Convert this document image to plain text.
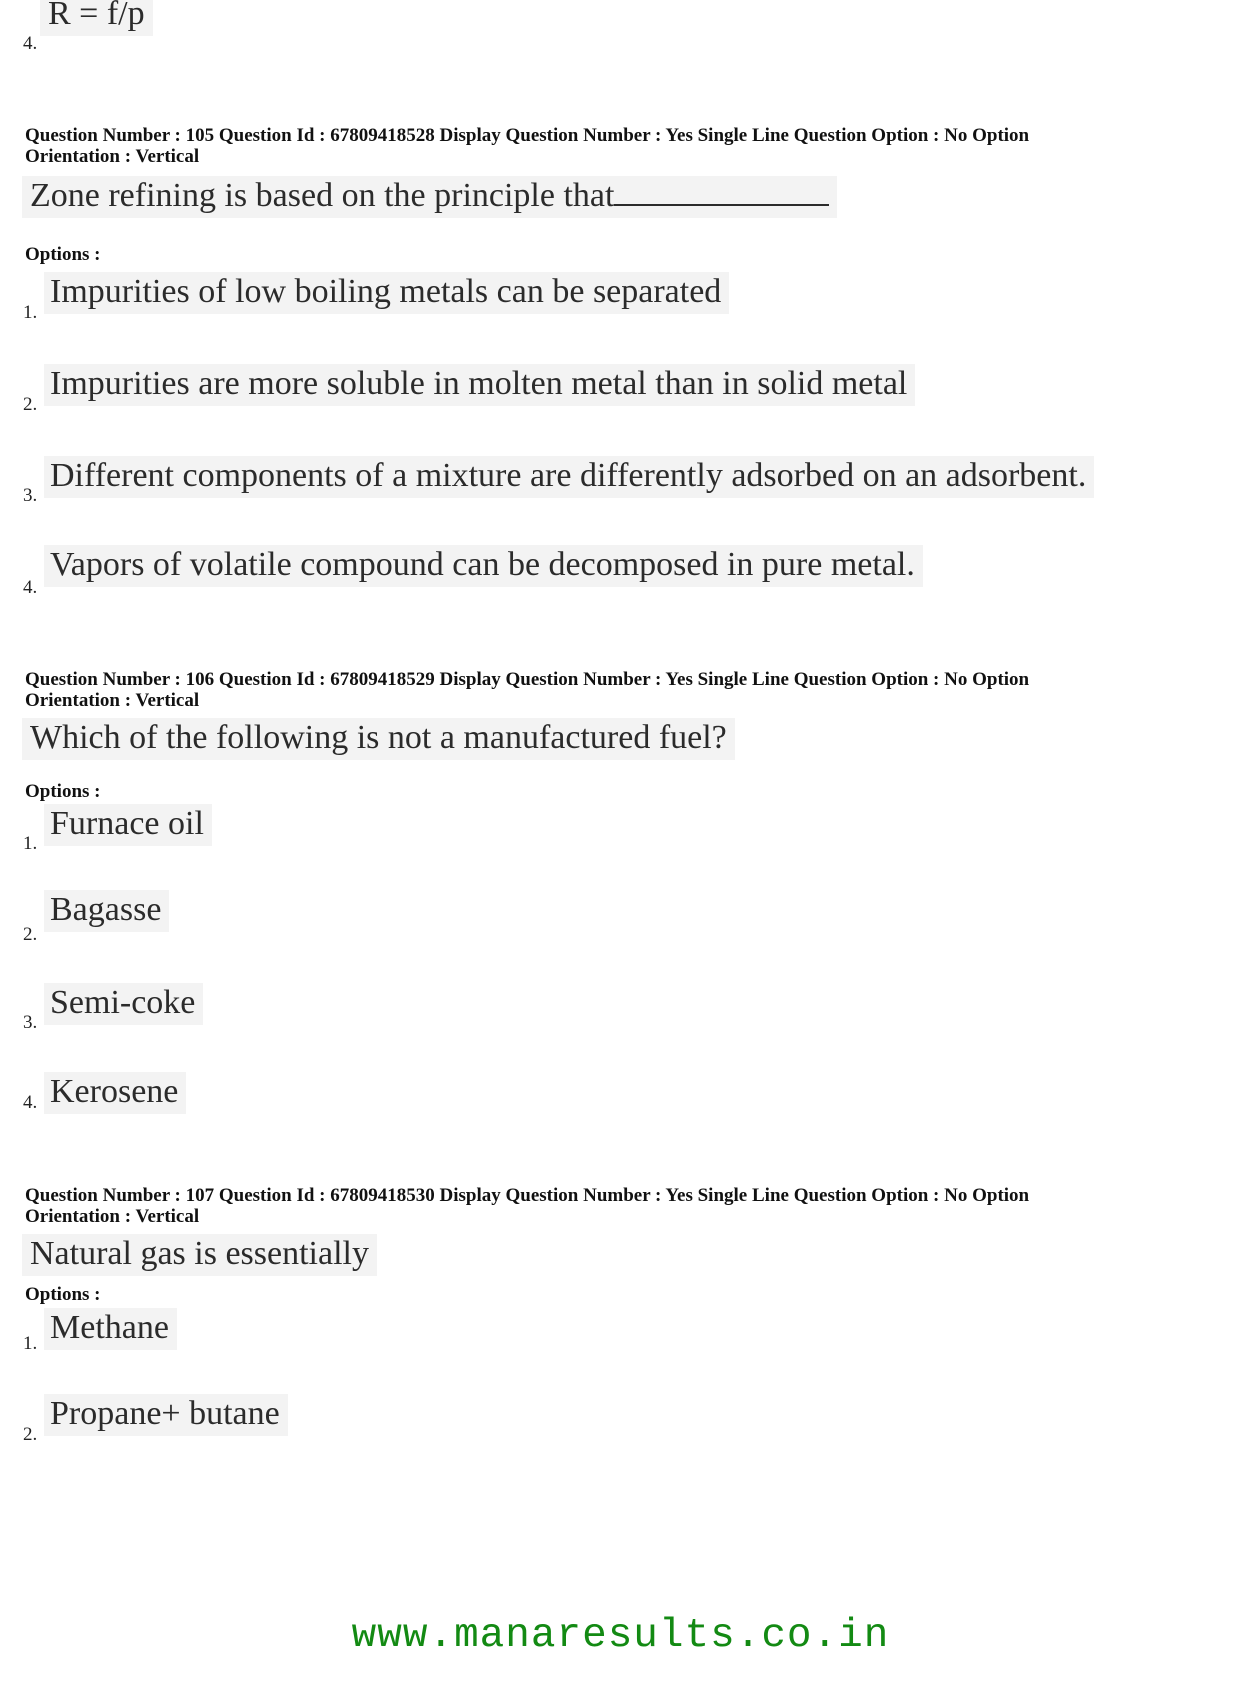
R = f/p
4.
Question Number : 105 Question Id : 67809418528 Display Question Number : Yes Single Line Question Option : No Option
Orientation : Vertical
Zone refining is based on the principle that
Options :
1.
Impurities of low boiling metals can be separated
2.
Impurities are more soluble in molten metal than in solid metal
3.
Different components of a mixture are differently adsorbed on an adsorbent.
4.
Vapors of volatile compound can be decomposed in pure metal.
Question Number : 106 Question Id : 67809418529 Display Question Number : Yes Single Line Question Option : No Option
Orientation : Vertical
Which of the following is not a manufactured fuel?
Options :
1.
Furnace oil
2.
Bagasse
3.
Semi-coke
4. Kerosene
Question Number : 107 Question Id : 67809418530 Display Question Number : Yes Single Line Question Option : No Option
Orientation : Vertical
Natural gas is essentially
Options :
1. Methane
2.
Propane+ butane
www.manaresults.co.in
